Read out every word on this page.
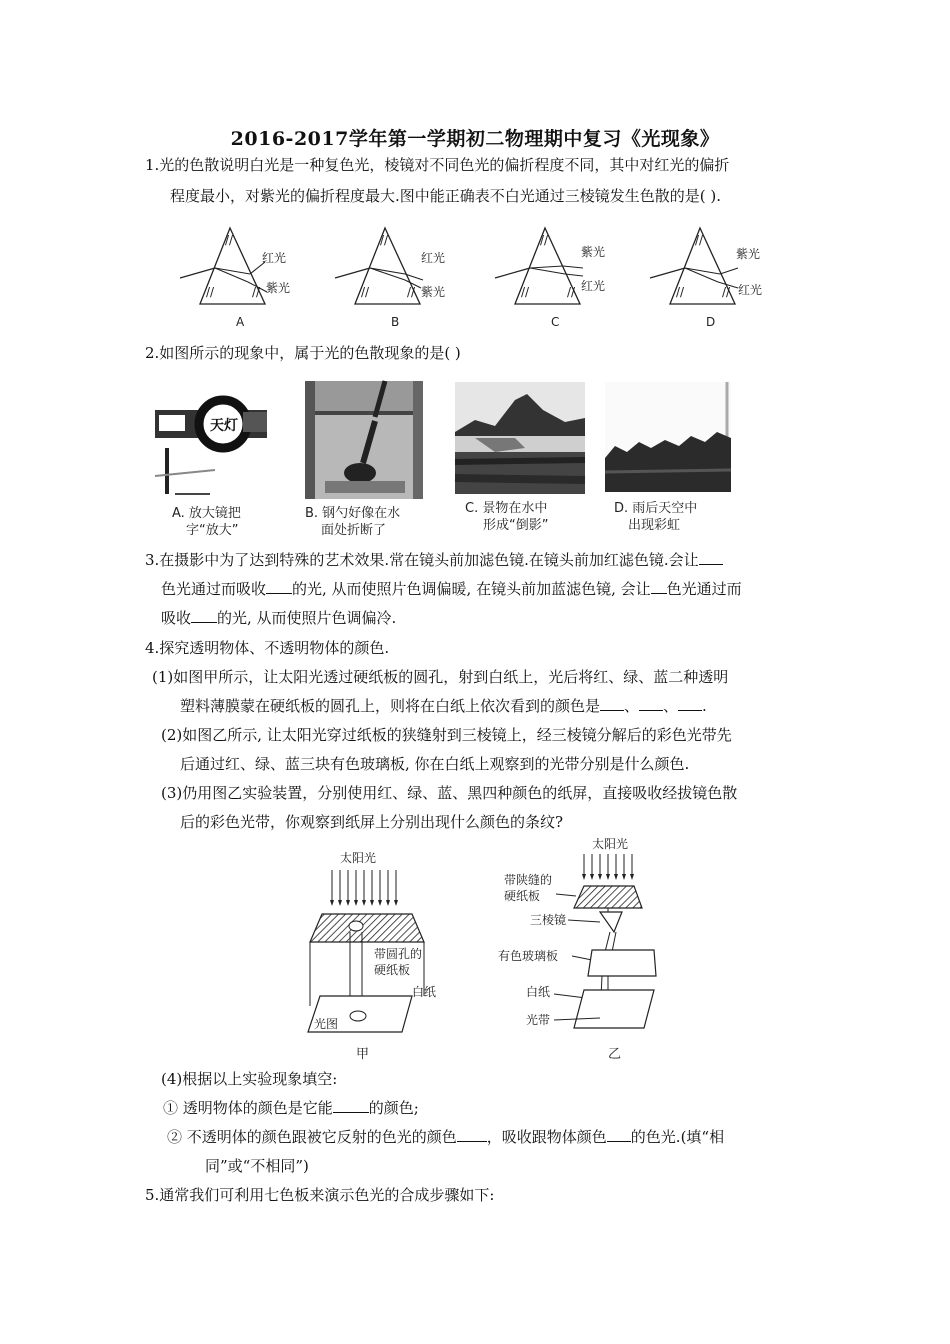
2016-2017学年第一学期初二物理期中复习《光现象》
1.光的色散说明白光是一种复色光，棱镜对不同色光的偏折程度不同，其中对红光的偏折
程度最小，对紫光的偏折程度最大.图中能正确表不白光通过三棱镜发生色散的是( ).
//
//	//
红光
紫光
A
//
//	//
红光
紫光
B
//
//	//
紫光
红光
C
//
//	//
紫光
红光
D
2.如图所示的现象中，属于光的色散现象的是( )
天灯
A. 放大镜把
字“放大”
B. 钢勺好像在水
面处折断了
C. 景物在水中
形成“倒影”
D. 雨后天空中
出现彩虹
3.在摄影中为了达到特殊的艺术效果.常在镜头前加滤色镜.在镜头前加红滤色镜.会让
色光通过而吸收 的光, 从而使照片色调偏暖, 在镜头前加蓝滤色镜, 会让 色光通过而
吸收 的光, 从而使照片色调偏冷.
4.探究透明物体、不透明物体的颜色.
(1)如图甲所示，让太阳光透过硬纸板的圆孔，射到白纸上，光后将红、绿、蓝二种透明
塑料薄膜蒙在硬纸板的圆孔上，则将在白纸上依次看到的颜色是 、 、 .
(2)如图乙所示, 让太阳光穿过纸板的狭缝射到三棱镜上，经三棱镜分解后的彩色光带先
后通过红、绿、蓝三块有色玻璃板, 你在白纸上观察到的光带分别是什么颜色.
(3)仍用图乙实验装置，分别使用红、绿、蓝、黑四种颜色的纸屏，直接吸收经拔镜色散
后的彩色光带，你观察到纸屏上分别出现什么颜色的条纹?
太阳光
带圆孔的
硬纸板
白纸
光图
甲
太阳光
带陕缝的
硬纸板
三棱镜
有色玻璃板
白纸
光带
乙
(4)根据以上实验现象填空:
① 透明物体的颜色是它能 的颜色;
② 不透明体的颜色跟被它反射的色光的颜色 ，吸收跟物体颜色 的色光.(填“相
同”或“不相同”)
5.通常我们可利用七色板来演示色光的合成步骤如下:
